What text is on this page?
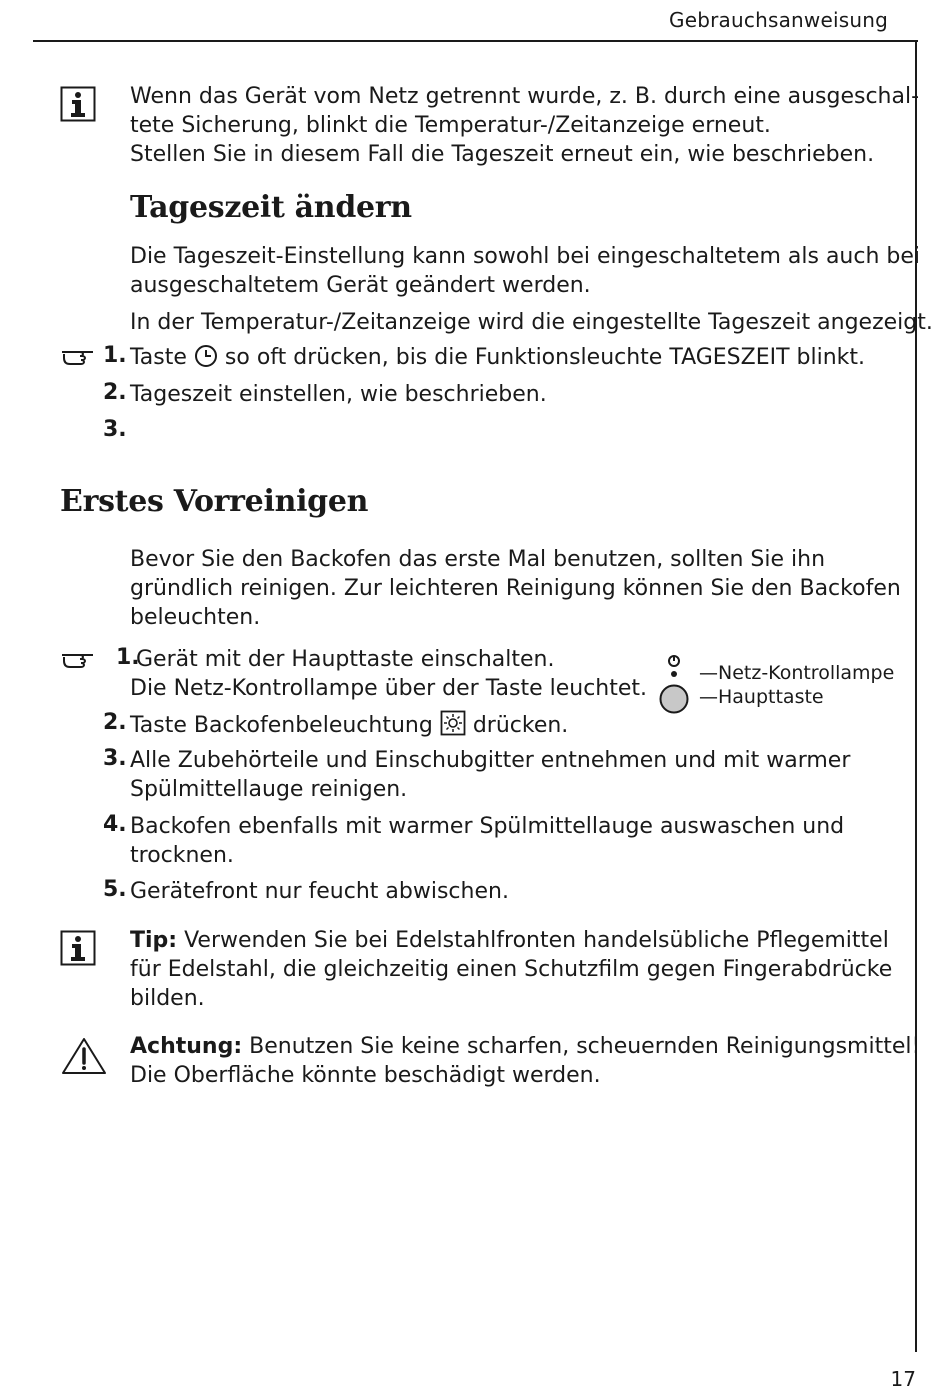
Gebrauchsanweisung
Wenn das Gerät vom Netz getrennt wurde, z. B. durch eine ausgeschal-
tete Sicherung, blinkt die Temperatur-/Zeitanzeige erneut.
Stellen Sie in diesem Fall die Tageszeit erneut ein, wie beschrieben.
Tageszeit ändern
Die Tageszeit-Einstellung kann sowohl bei eingeschaltetem als auch bei
ausgeschaltetem Gerät geändert werden.
In der Temperatur-/Zeitanzeige wird die eingestellte Tageszeit angezeigt.
1. Taste so oft drücken, bis die Funktionsleuchte TAGESZEIT blinkt.
2. Tageszeit einstellen, wie beschrieben.
3.
Erstes Vorreinigen
Bevor Sie den Backofen das erste Mal benutzen, sollten Sie ihn
gründlich reinigen. Zur leichteren Reinigung können Sie den Backofen
beleuchten.
1.
Gerät mit der Haupttaste einschalten.
Die Netz-Kontrollampe über der Taste leuchtet.
—Netz-Kontrollampe
—Haupttaste
2. Taste Backofenbeleuchtung drücken.
3. Alle Zubehörteile und Einschubgitter entnehmen und mit warmer
Spülmittellauge reinigen.
4. Backofen ebenfalls mit warmer Spülmittellauge auswaschen und
trocknen.
5. Gerätefront nur feucht abwischen.
Tip: Verwenden Sie bei Edelstahlfronten handelsübliche Pflegemittel
für Edelstahl, die gleichzeitig einen Schutzfilm gegen Fingerabdrücke
bilden.
Achtung: Benutzen Sie keine scharfen, scheuernden Reinigungsmittel!
Die Oberfläche könnte beschädigt werden.
17
